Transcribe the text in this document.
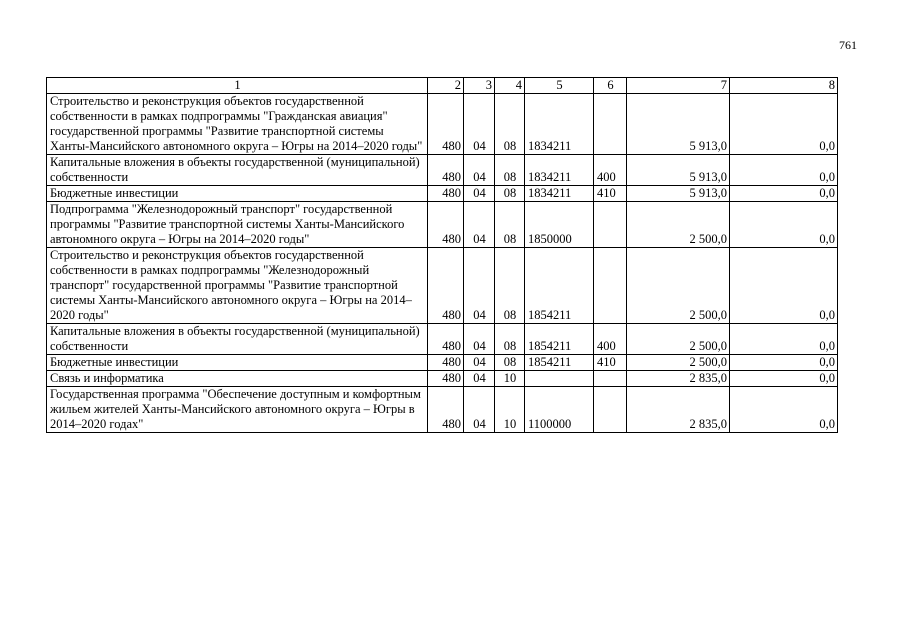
761
1	2	3	4	5	6	7	8
Строительство и реконструкция объектов государственной собственности в рамках подпрограммы "Гражданская авиация" государственной программы "Развитие транспортной системы Ханты-Мансийского автономного округа – Югры на 2014–2020 годы"	480	04	08	1834211		5 913,0	0,0
Капитальные вложения в объекты государственной (муниципальной) собственности	480	04	08	1834211	400	5 913,0	0,0
Бюджетные инвестиции	480	04	08	1834211	410	5 913,0	0,0
Подпрограмма "Железнодорожный транспорт" государственной программы "Развитие транспортной системы Ханты-Мансийского автономного округа – Югры на 2014–2020 годы"	480	04	08	1850000		2 500,0	0,0
Строительство и реконструкция объектов государственной собственности в рамках подпрограммы "Железнодорожный транспорт" государственной программы "Развитие транспортной системы Ханты-Мансийского автономного округа – Югры на 2014–2020 годы"	480	04	08	1854211		2 500,0	0,0
Капитальные вложения в объекты государственной (муниципальной) собственности	480	04	08	1854211	400	2 500,0	0,0
Бюджетные инвестиции	480	04	08	1854211	410	2 500,0	0,0
Связь и информатика	480	04	10			2 835,0	0,0
Государственная программа "Обеспечение доступным и комфортным жильем жителей Ханты-Мансийского автономного округа – Югры в 2014–2020 годах"	480	04	10	1100000		2 835,0	0,0
